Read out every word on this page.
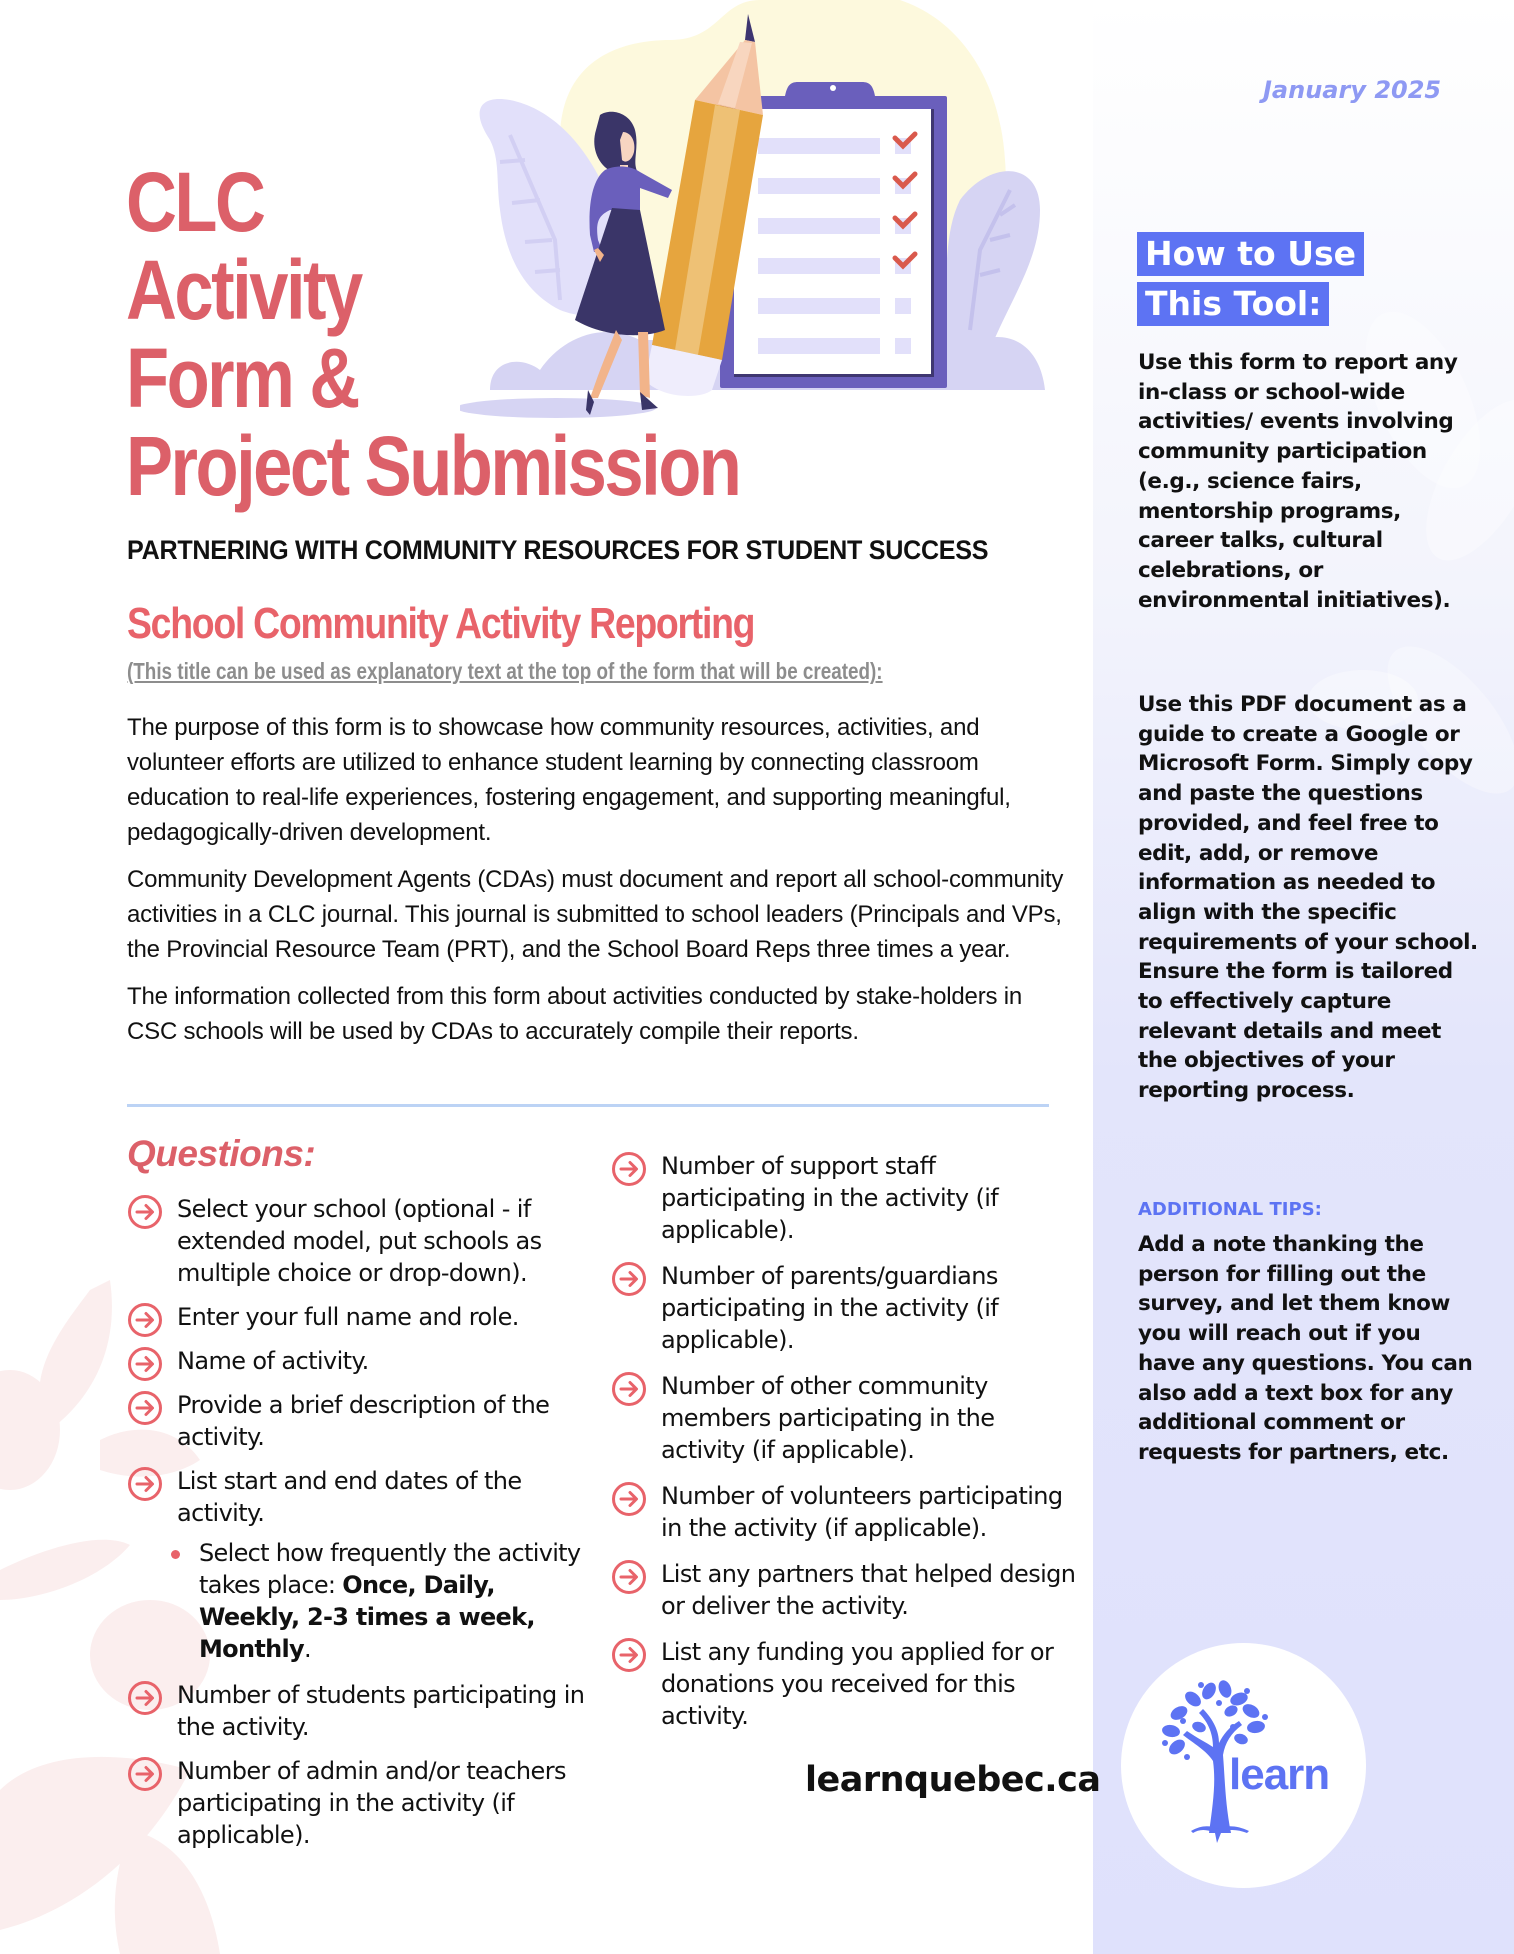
January 2025
How to Use
This Tool:
Use this form to report any in-class or school-wide activities/ events involving community participation (e.g., science fairs, mentorship programs, career talks, cultural celebrations, or environmental initiatives).
Use this PDF document as a guide to create a Google or Microsoft Form. Simply copy and paste the questions provided, and feel free to edit, add, or remove information as needed to align with the specific requirements of your school. Ensure the form is tailored to effectively capture relevant details and meet the objectives of your reporting process.
ADDITIONAL TIPS:
Add a note thanking the person for filling out the survey, and let them know you will reach out if you have any questions. You can also add a text box for any additional comment or requests for partners, etc.
learn
CLC
Activity
Form &
Project Submission
PARTNERING WITH COMMUNITY RESOURCES FOR STUDENT SUCCESS
School Community Activity Reporting
(This title can be used as explanatory text at the top of the form that will be created):

The purpose of this form is to showcase how community resources, activities, and volunteer efforts are utilized to enhance student learning by connecting classroom education to real-life experiences, fostering engagement, and supporting meaningful, pedagogically-driven development.

Community Development Agents (CDAs) must document and report all school-community activities in a CLC journal. This journal is submitted to school leaders (Principals and VPs, the Provincial Resource Team (PRT), and the School Board Reps three times a year.

The information collected from this form about activities conducted by stake-holders in CSC schools will be used by CDAs to accurately compile their reports.

Questions:
Select your school (optional - if extended model, put schools as multiple choice or drop-down).
Enter your full name and role.
Name of activity.
Provide a brief description of the activity.
List start and end dates of the activity.
Select how frequently the activity takes place: Once, Daily, Weekly, 2-3 times a week, Monthly.
Number of students participating in the activity.
Number of admin and/or teachers participating in the activity (if applicable).
Number of support staff participating in the activity (if applicable).
Number of parents/guardians participating in the activity (if applicable).
Number of other community members participating in the activity (if applicable).
Number of volunteers participating in the activity (if applicable).
List any partners that helped design or deliver the activity.
List any funding you applied for or donations you received for this activity.
learnquebec.ca
